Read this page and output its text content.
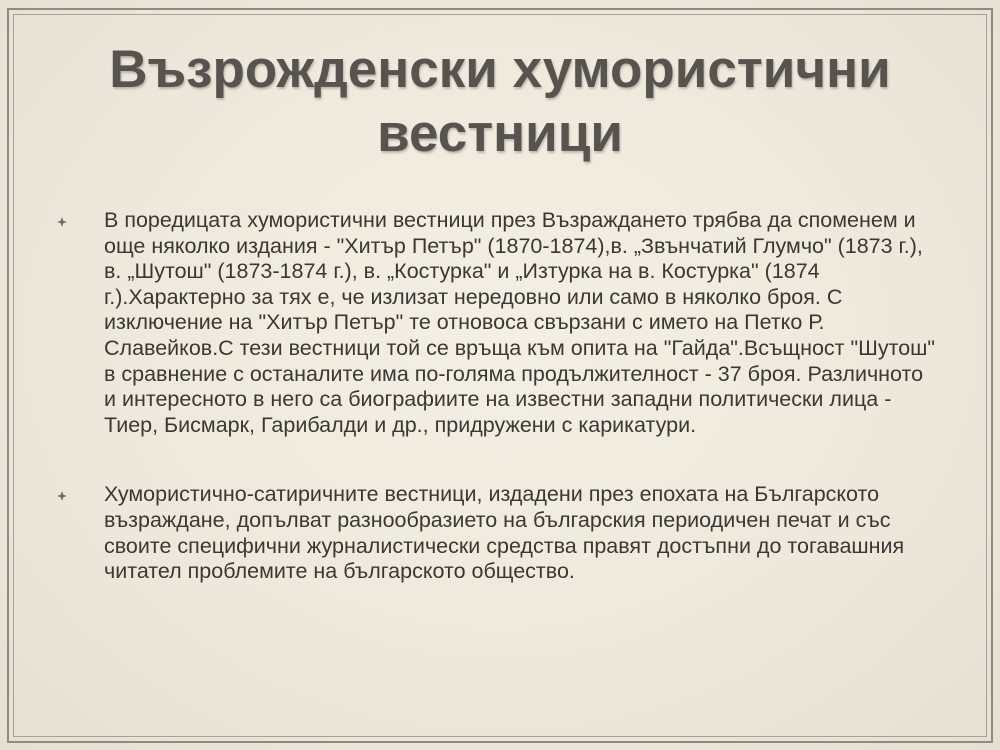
Възрожденски хумористични вестници
В поредицата хумористични вестници през Възраждането трябва да споменем и още няколко издания - "Хитър Петър" (1870-1874),в. „Звънчатий Глумчо" (1873 г.), в. „Шутош" (1873-1874 г.), в. „Костурка" и „Изтурка на в. Костурка" (1874 г.).Характерно за тях е, че излизат нередовно или само в няколко броя. С изключение на "Хитър Петър" те отновоса свързани с името на Петко Р. Славейков.С тези вестници той се връща към опита на "Гайда".Всъщност "Шутош" в сравнение с останалите има по-голяма продължителност - 37 броя. Различното и интересното в него са биографиите на известни западни политически лица - Тиер, Бисмарк, Гарибалди и др., придружени с карикатури.
Хумористично-сатиричните вестници, издадени през епохата на Българското възраждане, допълват разнообразието на българския периодичен печат и със своите специфични журналистически средства правят достъпни до тогавашния читател проблемите на българското общество.
